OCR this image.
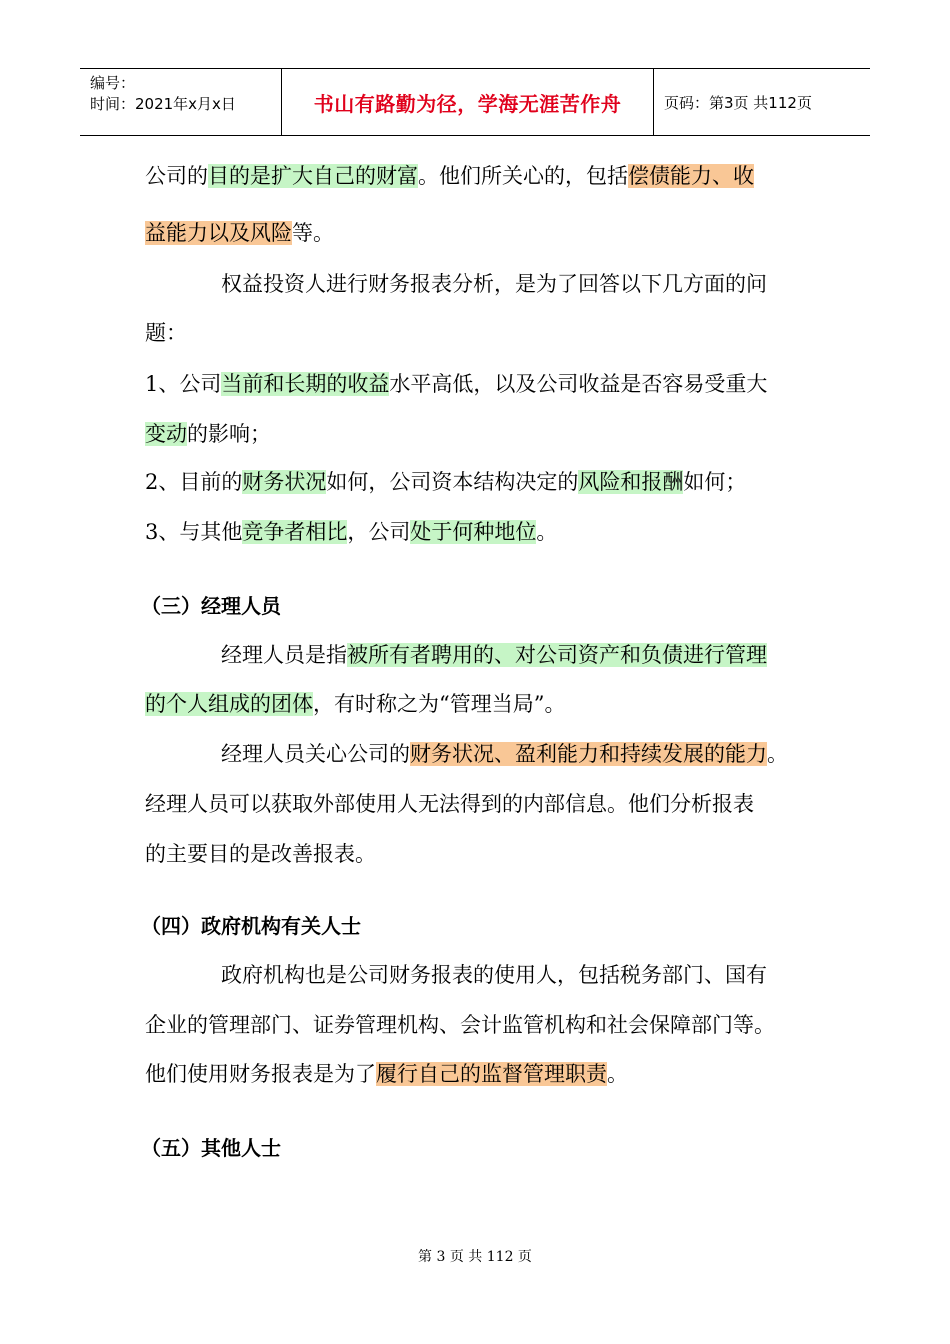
编号：
时间：2021年x月x日	书山有路勤为径，学海无涯苦作舟	页码：第3页 共112页
公司的目的是扩大自己的财富。他们所关心的，包括偿债能力、收
益能力以及风险等。
权益投资人进行财务报表分析，是为了回答以下几方面的问
题：
1、公司当前和长期的收益水平高低，以及公司收益是否容易受重大
变动的影响；
2、目前的财务状况如何，公司资本结构决定的风险和报酬如何；
3、与其他竞争者相比，公司处于何种地位。
（三）经理人员
经理人员是指被所有者聘用的、对公司资产和负债进行管理
的个人组成的团体，有时称之为“管理当局”。
经理人员关心公司的财务状况、盈利能力和持续发展的能力。
经理人员可以获取外部使用人无法得到的内部信息。他们分析报表
的主要目的是改善报表。
（四）政府机构有关人士
政府机构也是公司财务报表的使用人，包括税务部门、国有
企业的管理部门、证券管理机构、会计监管机构和社会保障部门等。
他们使用财务报表是为了履行自己的监督管理职责。
（五）其他人士
第 3 页 共 112 页
